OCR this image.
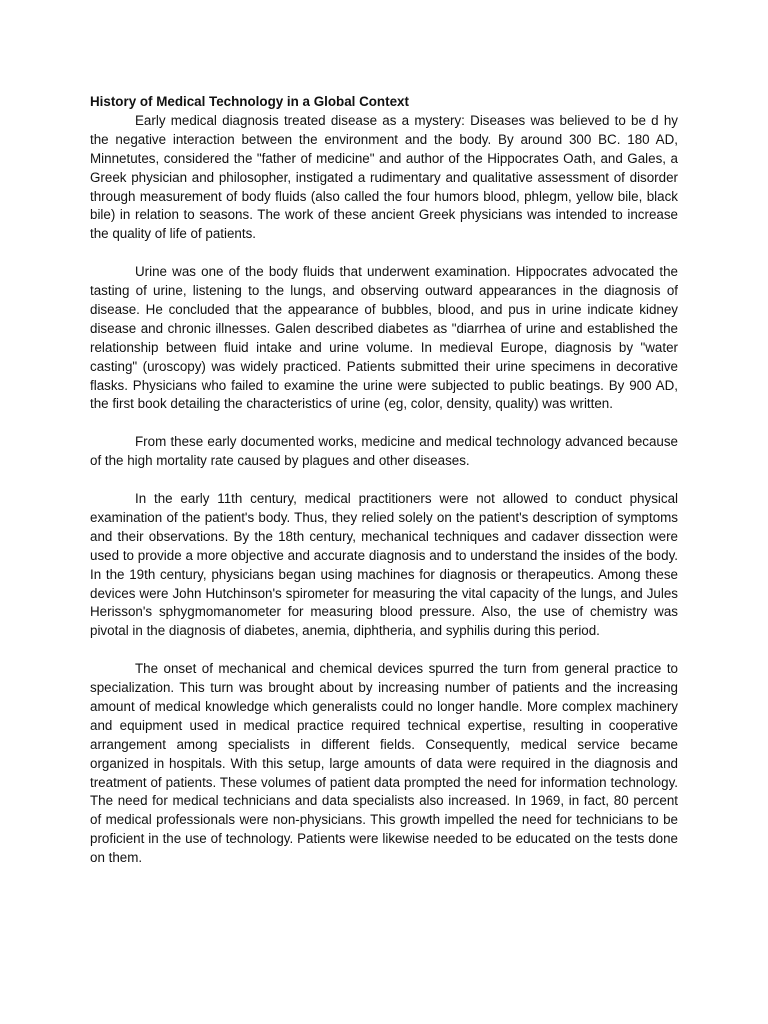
History of Medical Technology in a Global Context

Early medical diagnosis treated disease as a mystery: Diseases was believed to be d hy the negative interaction between the environment and the body. By around 300 BC. 180 AD, Minnetutes, considered the "father of medicine" and author of the Hippocrates Oath, and Gales, a Greek physician and philosopher, instigated a rudimentary and qualitative assessment of disorder through measurement of body fluids (also called the four humors blood, phlegm, yellow bile, black bile) in relation to seasons. The work of these ancient Greek physicians was intended to increase the quality of life of patients.

Urine was one of the body fluids that underwent examination. Hippocrates advocated the tasting of urine, listening to the lungs, and observing outward appearances in the diagnosis of disease. He concluded that the appearance of bubbles, blood, and pus in urine indicate kidney disease and chronic illnesses. Galen described diabetes as "diarrhea of urine and established the relationship between fluid intake and urine volume. In medieval Europe, diagnosis by "water casting" (uroscopy) was widely practiced. Patients submitted their urine specimens in decorative flasks. Physicians who failed to examine the urine were subjected to public beatings. By 900 AD, the first book detailing the characteristics of urine (eg, color, density, quality) was written.

From these early documented works, medicine and medical technology advanced because of the high mortality rate caused by plagues and other diseases.

In the early 11th century, medical practitioners were not allowed to conduct physical examination of the patient's body. Thus, they relied solely on the patient's description of symptoms and their observations. By the 18th century, mechanical techniques and cadaver dissection were used to provide a more objective and accurate diagnosis and to understand the insides of the body. In the 19th century, physicians began using machines for diagnosis or therapeutics. Among these devices were John Hutchinson's spirometer for measuring the vital capacity of the lungs, and Jules Herisson's sphygmomanometer for measuring blood pressure. Also, the use of chemistry was pivotal in the diagnosis of diabetes, anemia, diphtheria, and syphilis during this period.

The onset of mechanical and chemical devices spurred the turn from general practice to specialization. This turn was brought about by increasing number of patients and the increasing amount of medical knowledge which generalists could no longer handle. More complex machinery and equipment used in medical practice required technical expertise, resulting in cooperative arrangement among specialists in different fields. Consequently, medical service became organized in hospitals. With this setup, large amounts of data were required in the diagnosis and treatment of patients. These volumes of patient data prompted the need for information technology. The need for medical technicians and data specialists also increased. In 1969, in fact, 80 percent of medical professionals were non-physicians. This growth impelled the need for technicians to be proficient in the use of technology. Patients were likewise needed to be educated on the tests done on them.
